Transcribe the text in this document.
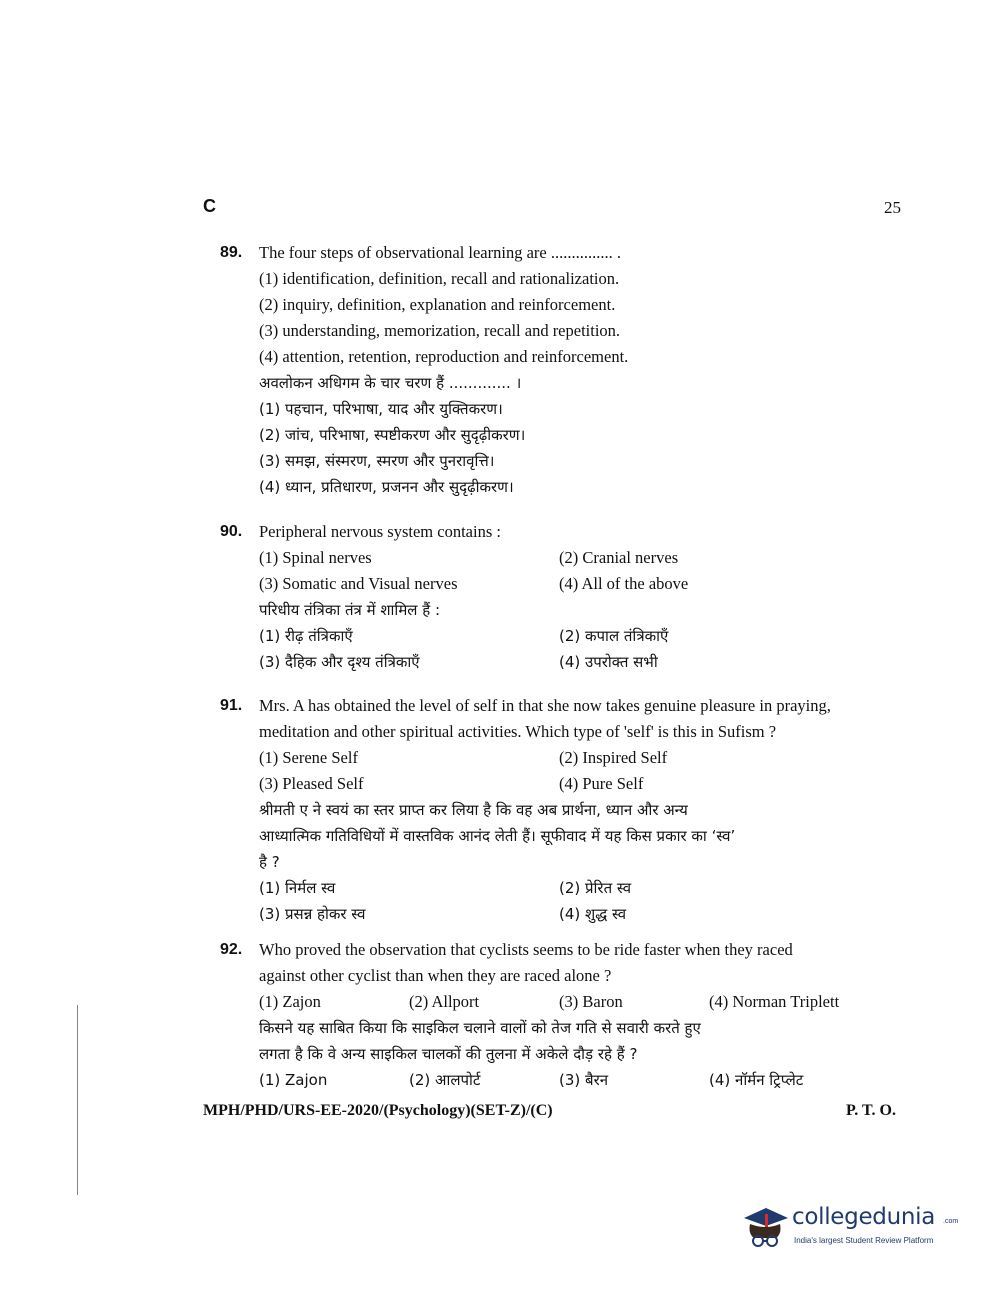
C	25
89. The four steps of observational learning are ............... .
(1) identification, definition, recall and rationalization.
(2) inquiry, definition, explanation and reinforcement.
(3) understanding, memorization, recall and repetition.
(4) attention, retention, reproduction and reinforcement.
अवलोकन अधिगम के चार चरण हैं ............. ।
(1) पहचान, परिभाषा, याद और युक्तिकरण।
(2) जांच, परिभाषा, स्पष्टीकरण और सुदृढ़ीकरण।
(3) समझ, संस्मरण, स्मरण और पुनरावृत्ति।
(4) ध्यान, प्रतिधारण, प्रजनन और सुदृढ़ीकरण।
90. Peripheral nervous system contains :
(1) Spinal nerves	(2) Cranial nerves
(3) Somatic and Visual nerves	(4) All of the above
परिधीय तंत्रिका तंत्र में शामिल हैं :
(1) रीढ़ तंत्रिकाएँ	(2) कपाल तंत्रिकाएँ
(3) दैहिक और दृश्य तंत्रिकाएँ	(4) उपरोक्त सभी
91. Mrs. A has obtained the level of self in that she now takes genuine pleasure in praying,
meditation and other spiritual activities. Which type of 'self' is this in Sufism ?
(1) Serene Self	(2) Inspired Self
(3) Pleased Self	(4) Pure Self
श्रीमती ए ने स्वयं का स्तर प्राप्त कर लिया है कि वह अब प्रार्थना, ध्यान और अन्य
आध्यात्मिक गतिविधियों में वास्तविक आनंद लेती हैं। सूफीवाद में यह किस प्रकार का ‘स्व’
है ?
(1) निर्मल स्व	(2) प्रेरित स्व
(3) प्रसन्न होकर स्व	(4) शुद्ध स्व
92. Who proved the observation that cyclists seems to be ride faster when they raced
against other cyclist than when they are raced alone ?
(1) Zajon	(2) Allport	(3) Baron	(4) Norman Triplett
किसने यह साबित किया कि साइकिल चलाने वालों को तेज गति से सवारी करते हुए
लगता है कि वे अन्य साइकिल चालकों की तुलना में अकेले दौड़ रहे हैं ?
(1) Zajon	(2) आलपोर्ट	(3) बैरन	(4) नॉर्मन ट्रिप्लेट
MPH/PHD/URS-EE-2020/(Psychology)(SET-Z)/(C)	P. T. O.
collegedunia .com
India's largest Student Review Platform
